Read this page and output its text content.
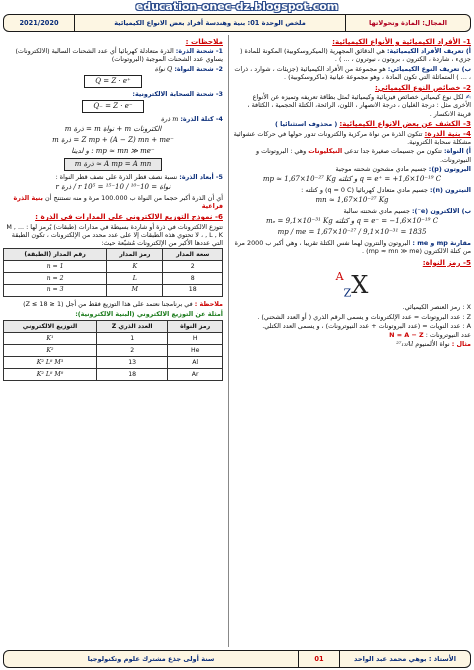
education-onec-dz.blogspot.com
المجال: المادة وتحولاتها
ملخص الوحدة 01: بنية وهندسة أفراد بعض الانواع الكيميائية
2021/2020
1- الأفراد الكيميائية و الأنواع الكيميائية:
أ) تعريف الأفراد الكيميائية: هي الدقائق المجهرية (الميكروسكوبية) المكونة للمادة ( جزيء ، شاردة ، الكترون ، بروتون ، نيوترون ، ... ) .
ب) تعريف النوع الكيميائي: هو مجموعة من الأفراد الكيميائية (جزيئات ، شوارد ، ذرات ، ... ) المتماثلة التي تكون المادة ، وهو مجموعة عيانية (ماكروسكوبية) .
2- خصائص النوع الكيميائي:
✍ لكل نوع كيميائي خصائص فيزيائية وكيميائية تُمثل بطاقة تعريفه وتميزه عن الأنواع الأخرى مثل : درجة الغليان ، درجة الانصهار ، اللون، الرائحة، الكتلة الحجمية ، الكثافة ، قرينة الانكسار .
3- الكشف عن بعض الانواع الكيميائية: ( محذوف استثنائيا )
4- بنية الذرة: تتكون الذرة من نواة مركزية والكترونات تدور حولها في حركات عشوائية مشكلة سحابة الكترونية.
أ) النواة: تتكون من جسيمات صغيرة جدا تدعى النيكليونات وهي : البروتونات و النيوترونات.
البروتون (p): جسيم مادي مشحون شحنته موجبة
mp ≈ 1,67×10⁻²⁷ Kg و كتلته q = e⁺ = +1,6×10⁻¹⁹ C
النيترون (n): جسيم مادي متعادل كهربائيا (q = 0 C) و كتلته :
mn ≈ 1,67×10⁻²⁷ Kg
ب) الالكترون (e⁻): جسيم مادي شحنته سالبة
mₑ = 9,1×10⁻³¹ Kg و كتلته q = e⁻ = −1,6×10⁻¹⁹ C
mp / me = 1,67×10⁻²⁷ / 9,1×10⁻³¹ = 1835
مقارنة mp و me : البروتون والنترون لهما نفس الكتلة تقريبا ، وهي أكبر ب 2000 مرة من كتلة الالكترون (mp ≈ mn ≫ me) .
5- رمز النواة:
AZX
X : رمز العنصر الكيميائي.
Z : عدد البروتونات = عدد الإلكترونات و يسمى الرقم الذري ( أو العدد الشحني) .
A : عدد النويات = (عدد البروتونات + عدد النيوترونات) ، و يسمى العدد الكتلي.
عدد النيوترونات : N = A − Z
مثال : نواة الألمنيوم ²⁷₁₃Al
ملاحظات :
1- شحنة الذرة: الذرة متعادلة كهربائيا أي عدد الشحنات السالبة (الالكترونات) يساوي عدد الشحنات الموجبة (البروتونات)
2- شحنة النواة: Q نواة
Q = Z · e⁺
3- شحنة السحابة الالكترونية:
Q₋ = Z · e⁻
4- كتلة الذرة: m ذرة
m ذرة = m نواة + m الكترونات
m ذرة = Z mp + (A − Z) mn + me⁻
و لدينا : mp ≈ mn ≫ me⁻
m ذرة ≈ A mp = A mn
5- أبعاد الذرة: نسبة نصف قطر الذرة على نصف قطر النواة :
r ذرة / r نواة = 10⁻¹⁰ / 10⁻¹⁵ = 10⁵
أي أن الذرة أكبر حجما من النواة ب 100.000 مرة و منه نستنتج أن بنية الذرة فراغية
6- نموذج التوزيع الالكتروني على المدارات في الذرة :
تتوزع الالكترونات في ذرة أو شاردة بسيطة في مدارات (طبقات) يُرمز لها : ... , M , L , K ، لا تحتوي هذه الطبقات إلا على عدد محدد من الإلكترونات ، تكون الطبقة التي عددها الأكبر من الإلكترونات مُشبّعة حيث:
سعة المدار	رمز المدار	رقم المدار (الطبقة)
2	K	n = 1
8	L	n = 2
18	M	n = 3
ملاحظة : في برنامجنا نعتمد على هذا التوزيع فقط من أجل (1 ≤ Z ≤ 18)
أمثلة عن التوزيع الالكتروني (البنية الالكترونية):
رمز النواة	العدد الذري Z	التوزيع الالكتروني
H	1	K¹
He	2	K²
Al	13	K² L⁸ M³
Ar	18	K² L⁸ M⁸
الأستاذ : بوهي محمد عبد الواحد
01
سنة أولى جذع مشترك علوم وتكنولوجيا
